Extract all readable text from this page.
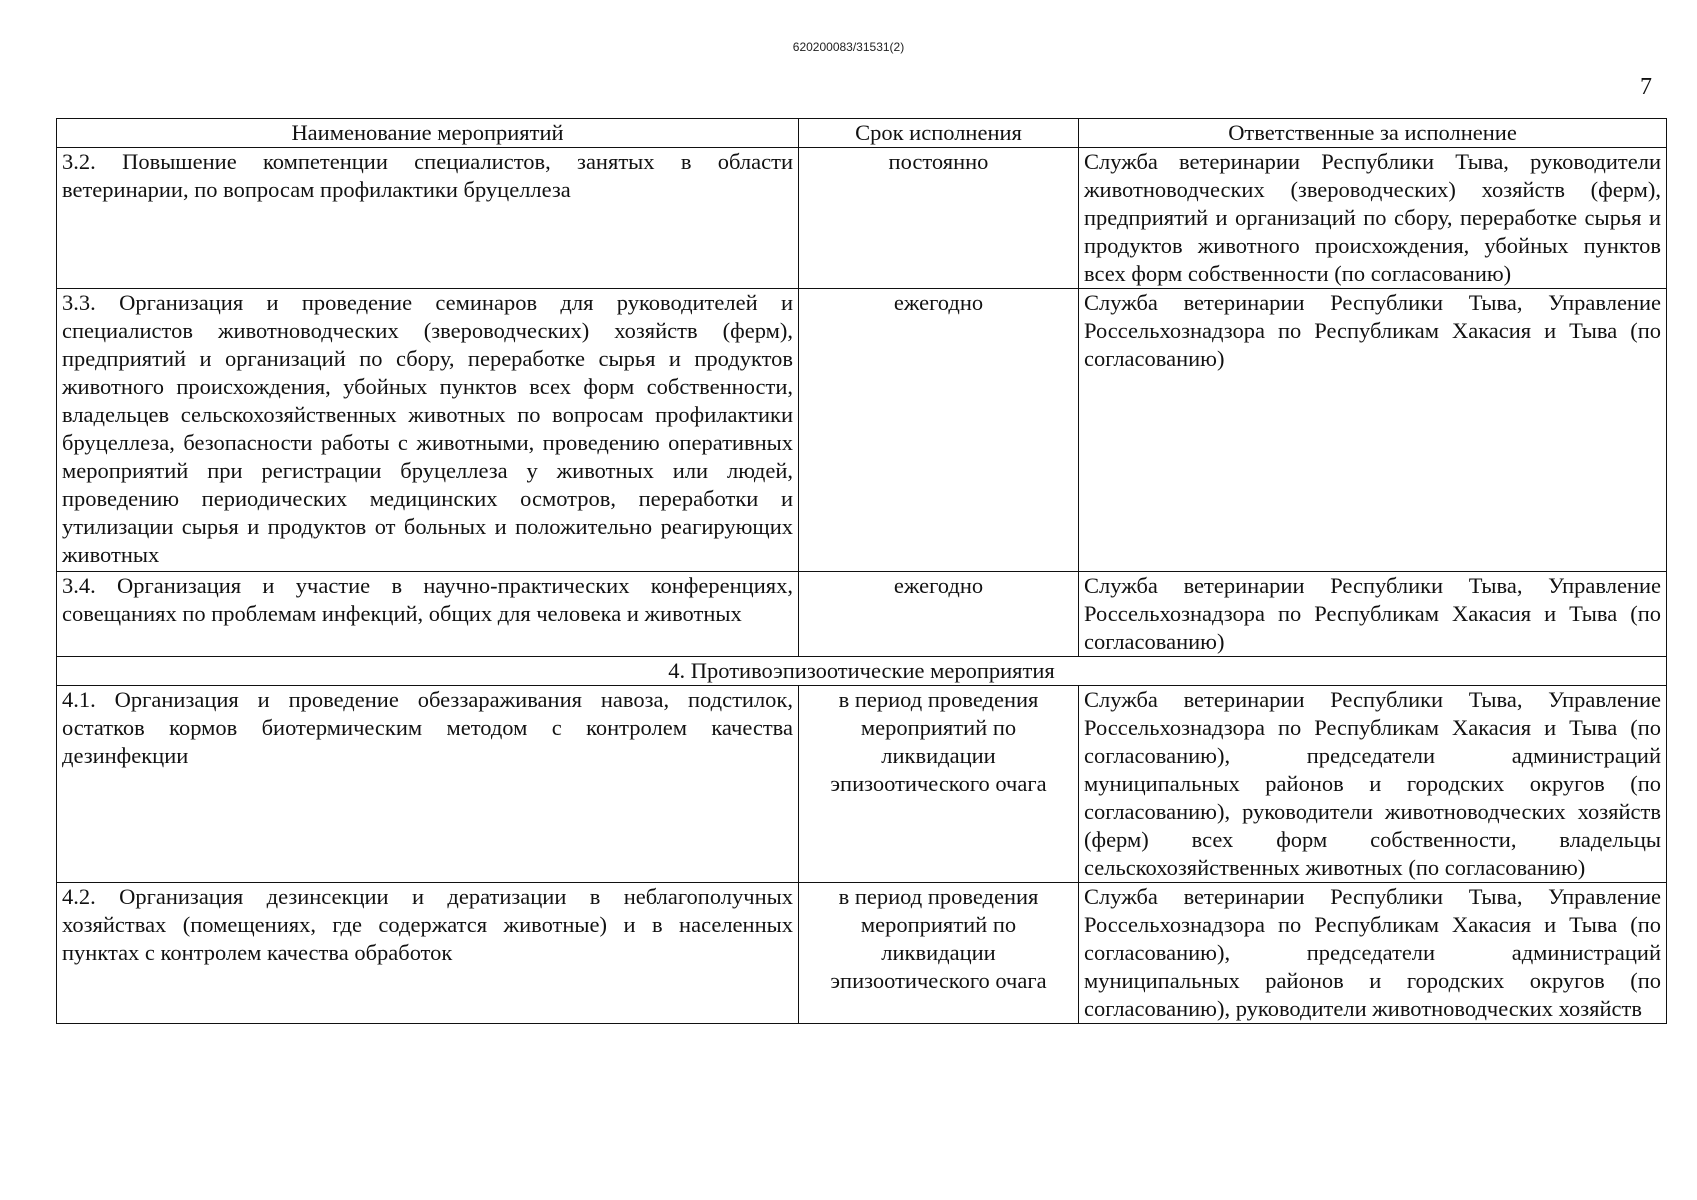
620200083/31531(2)
7
Наименование мероприятий	Срок исполнения	Ответственные за исполнение
3.2. Повышение компетенции специалистов, занятых в области ветеринарии, по вопросам профилактики бруцеллеза	постоянно	Служба ветеринарии Республики Тыва, руководители животноводческих (звероводческих) хозяйств (ферм), предприятий и организаций по сбору, переработке сырья и продуктов животного происхождения, убойных пунктов всех форм собственности (по согласованию)
3.3. Организация и проведение семинаров для руководителей и специалистов животноводческих (звероводческих) хозяйств (ферм), предприятий и организаций по сбору, переработке сырья и продуктов животного происхождения, убойных пунктов всех форм собственности, владельцев сельскохозяйственных животных по вопросам профилактики бруцеллеза, безопасности работы с животными, проведению оперативных мероприятий при регистрации бруцеллеза у животных или людей, проведению периодических медицинских осмотров, переработки и утилизации сырья и продуктов от больных и положительно реагирующих животных	ежегодно	Служба ветеринарии Республики Тыва, Управление Россельхознадзора по Республикам Хакасия и Тыва (по согласованию)
3.4. Организация и участие в научно-практических конференциях, совещаниях по проблемам инфекций, общих для человека и животных	ежегодно	Служба ветеринарии Республики Тыва, Управление Россельхознадзора по Республикам Хакасия и Тыва (по согласованию)
4. Противоэпизоотические мероприятия		
4.1. Организация и проведение обеззараживания навоза, подстилок, остатков кормов биотермическим методом с контролем качества дезинфекции	в период проведения мероприятий по ликвидации эпизоотического очага	Служба ветеринарии Республики Тыва, Управление Россельхознадзора по Республикам Хакасия и Тыва (по согласованию), председатели администраций муниципальных районов и городских округов (по согласованию), руководители животноводческих хозяйств (ферм) всех форм собственности, владельцы сельскохозяйственных животных (по согласованию)
4.2. Организация дезинсекции и дератизации в неблагополучных хозяйствах (помещениях, где содержатся животные) и в населенных пунктах с контролем качества обработок	в период проведения мероприятий по ликвидации эпизоотического очага	Служба ветеринарии Республики Тыва, Управление Россельхознадзора по Республикам Хакасия и Тыва (по согласованию), председатели администраций муниципальных районов и городских округов (по согласованию), руководители животноводческих хозяйств
